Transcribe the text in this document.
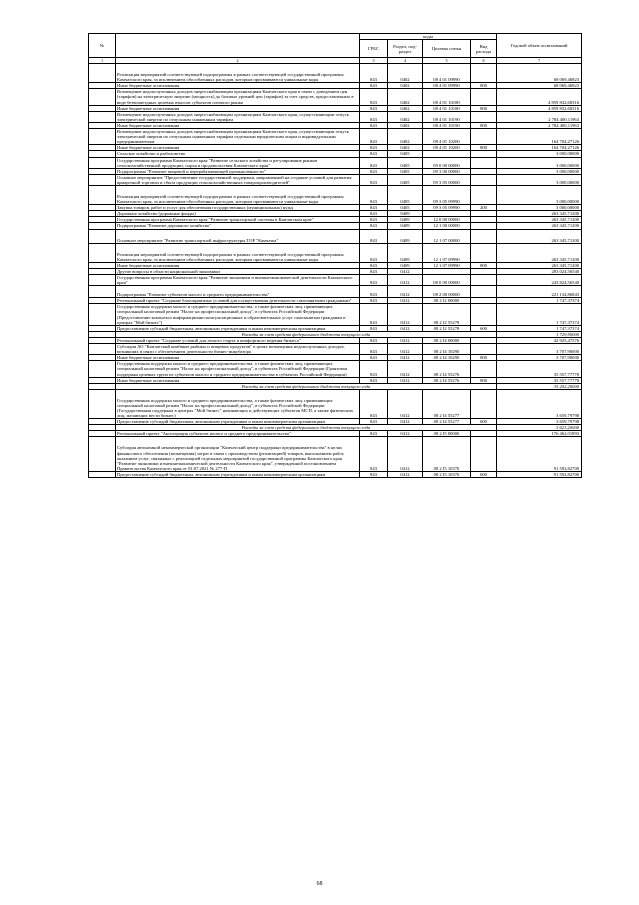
№		коды				Годовой объем ассигнований
		ГРБС	Раздел, под-раздел	Целевая статья	Вид расхода	
1	2	3	4	5	6	7
	Реализация мероприятий соответствующей подпрограммы в рамках соответствующей государственной программы Камчатского края, за исключением обособленных расходов, которым присваиваются уникальные коды	843	0402	08 4 01 09990		68 069,46823
	Иные бюджетные ассигнования	843	0402	08 4 01 09990	800	68 069,46823
	Возмещение недополученных доходов энергоснабжающим организациям Камчатского края в связи с доведением цен (тарифов) на электрическую энергию (мощность) до базовых уровней цен (тарифов) за счет средств, предоставленных в виде безвозмездных целевых взносов субъектов оптового рынка	843	0402	08 4 01 10180		4 859 832,68316
	Иные бюджетные ассигнования	843	0402	08 4 01 10180	800	4 859 832,68316
	Возмещение недополученных доходов энергоснабжающим организациям Камчатского края, осуществляющим отпуск электрической энергии по отпускным сниженным тарифам	843	0402	08 4 01 10190		2 784 400,11963
	Иные бюджетные ассигнования	843	0402	08 4 01 10190	800	2 784 400,11963
	Возмещение недополученных доходов энергоснабжающим организациям Камчатского края, осуществляющим отпуск электрической энергии по отпускным сниженным тарифам отдельным юридическим лицам и индивидуальным предпринимателям	843	0402	08 4 01 10200		164 704,27126
	Иные бюджетные ассигнования	843	0402	08 4 01 10200	800	164 704,27126
	Сельское хозяйство и рыболовство	843	0405			3 000,00000
	Государственная программа Камчатского края "Развитие сельского хозяйства и регулирование рынков сельскохозяйственной продукции, сырья и продовольствия Камчатского края"	843	0405	09 0 00 00000		3 000,00000
	Подпрограмма "Развитие пищевой и перерабатывающей промышленности"	843	0405	09 3 00 00000		3 000,00000
	Основное мероприятие "Предоставление государственной поддержки, направленной на создание условий для развития ярмарочной торговли и сбыта продукции сельскохозяйственных товаропроизводителей"	843	0405	09 3 05 00000		3 000,00000
	Реализация мероприятий соответствующей подпрограммы в рамках соответствующей государственной программы Камчатского края, за исключением обособленных расходов, которым присваиваются уникальные коды	843	0405	09 3 05 09990		3 000,00000
	Закупка товаров, работ и услуг для обеспечения государственных (муниципальных) нужд	843	0405	09 3 05 09990	200	3 000,00000
	Дорожное хозяйство (дорожные фонды)	843	0409			263 345,71200
	Государственная программа Камчатского края "Развитие транспортной системы в Камчатском крае"	843	0409	12 0 00 00000		263 345,71200
	Подпрограмма "Развитие дорожного хозяйства"	843	0409	12 1 00 00000		263 345,71200
	Основное мероприятие "Развитие транспортной инфраструктуры ТОР "Камчатка"	843	0409	12 1 07 00000		263 345,71200
	Реализация мероприятий соответствующей подпрограммы в рамках соответствующей государственной программы Камчатского края, за исключением обособленных расходов, которым присваиваются уникальные коды	843	0409	12 1 07 09990		263 345,71200
	Иные бюджетные ассигнования	843	0409	12 1 07 09990	800	263 345,71200
	Другие вопросы в области национальной экономики	843	0412			283 024,56540
	Государственная программа Камчатского края "Развитие экономики и внешнеэкономической деятельности Камчатского края"	843	0412	08 0 00 00000		243 824,56540
	Подпрограмма "Развитие субъектов малого и среднего предпринимательства"	843	0412	08 2 00 00000		221 134,86843
	Региональный проект "Создание благоприятных условий для осуществления деятельности самозанятыми гражданами"	843	0412	08 2 I2 00000		1 747,37374
	Государственная поддержка малого и среднего предпринимательства, а также физических лиц, применяющих специальный налоговый режим "Налог на профессиональный доход", в субъектах Российской Федерации (Предоставление комплекса информационно-консультационных и образовательных услуг самозанятым гражданам в центрах "Мой бизнес")	843	0412	08 2 I2 55278		1 747,37374
	Предоставление субсидий бюджетным, автономным учреждениям и иным некоммерческим организациям	843	0412	08 2 I2 55278	600	1 747,37374
	Расходы за счет средств федерального бюджета текущего года					1 729,90000
	Региональный проект "Создание условий для легкого старта и комфортного ведения бизнеса"	843	0412	08 2 I4 00000		42 925,47576
	Субсидия АО "Камчатский комбинат рыбных и пищевых продуктов" в целях возмещения недополученных доходов, возникших в связи с обеспечением деятельности бизнес-инкубатора	843	0412	08 2 I4 10290		3 707,90000
	Иные бюджетные ассигнования	843	0412	08 2 I4 10290	800	3 707,90000
	Государственная поддержка малого и среднего предпринимательства, а также физических лиц, применяющих специальный налоговый режим "Налог на профессиональный доход", в субъектах Российской Федерации (Грантовая поддержка целевых групп из субъектов малого и среднего предпринимательства в субъектах Российской Федерации)	843	0412	08 2 I4 55276		35 557,77778
	Иные бюджетные ассигнования	843	0412	08 2 I4 55276	800	35 557,77778
	Расходы за счет средств федерального бюджета текущего года					35 202,20000
	Государственная поддержка малого и среднего предпринимательства, а также физических лиц, применяющих специальный налоговый режим "Налог на профессиональный доход", в субъектах Российской Федерации (Государственная поддержка в центрах "Мой бизнес" начинающих и действующих субъектов МСП, а также физических лиц, желающих вести бизнес)	843	0412	08 2 I4 55277		3 659,79798
	Предоставление субсидий бюджетным, автономным учреждениям и иным некоммерческим организациям	843	0412	08 2 I4 55277	600	3 659,79798
	Расходы за счет средств федерального бюджета текущего года					3 623,20000
	Региональный проект "Акселерация субъектов малого и среднего предпринимательства"	843	0412	08 2 I5 00000		176 462,01893
	Субсидия автономной некоммерческой организации "Камчатский центр поддержки предпринимательства" в целях финансового обеспечения (возмещения) затрат в связи с производством (реализацией) товаров, выполнением работ, оказанием услуг, связанных с реализацией отдельных мероприятий государственной программы Камчатского края "Развитие экономики и внешнеэкономической деятельности Камчатского края", утвержденной постановлением Правительства Камчатского края от 01.07.2021 № 277-П	843	0412	08 2 I5 10370		91 592,82700
	Предоставление субсидий бюджетным, автономным учреждениям и иным некоммерческим организациям	843	0412	08 2 I5 10370	600	91 592,82700
68
